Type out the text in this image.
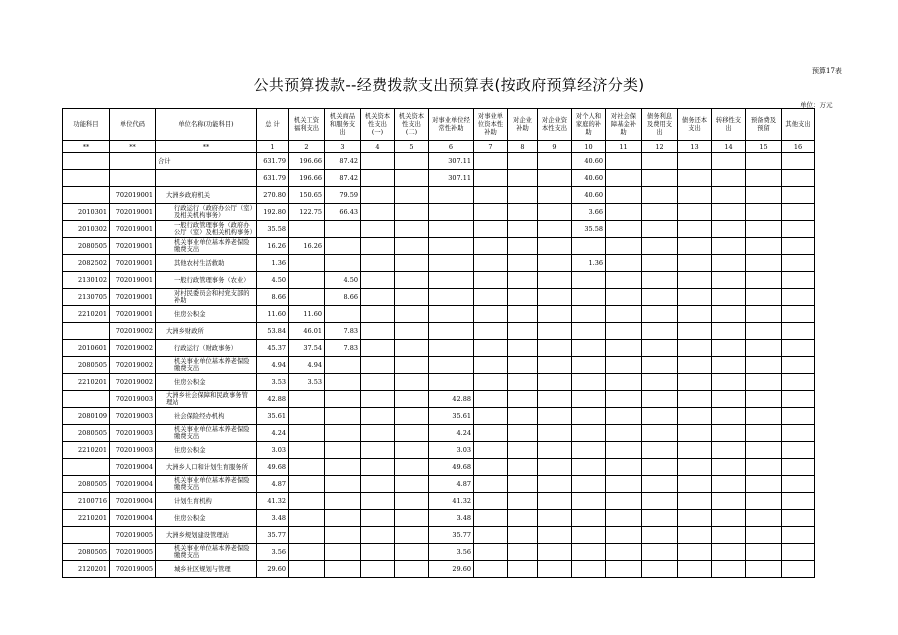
预算17表
公共预算拨款--经费拨款支出预算表(按政府预算经济分类)
单位：万元
功能科目	单位代码	单位名称(功能科目)	总 计	机关工资福利支出	机关商品和服务支出	机关资本性支出(一)	机关资本性支出(二)	对事业单位经常性补助	对事业单位资本性补助	对企业补助	对企业资本性支出	对个人和家庭的补助	对社会保障基金补助	债务利息及费用支出	债务还本支出	转移性支出	预备费及预留	其他支出
**	**	**	1	2	3	4	5	6	7	8	9	10	11	12	13	14	15	16
		合计	631.79	196.66	87.42			307.11				40.60						
			631.79	196.66	87.42			307.11				40.60						
	702019001	大洲乡政府机关	270.80	150.65	79.59							40.60						
2010301	702019001	行政运行（政府办公厅（室）及相关机构事务）	192.80	122.75	66.43							3.66						
2010302	702019001	一般行政管理事务（政府办公厅（室）及相关机构事务）	35.58									35.58						
2080505	702019001	机关事业单位基本养老保险缴费支出	16.26	16.26														
2082502	702019001	其他农村生活救助	1.36									1.36						
2130102	702019001	一般行政管理事务（农业）	4.50		4.50													
2130705	702019001	对村民委员会和村党支部的补助	8.66		8.66													
2210201	702019001	住房公积金	11.60	11.60														
	702019002	大洲乡财政所	53.84	46.01	7.83													
2010601	702019002	行政运行（财政事务）	45.37	37.54	7.83													
2080505	702019002	机关事业单位基本养老保险缴费支出	4.94	4.94														
2210201	702019002	住房公积金	3.53	3.53														
	702019003	大洲乡社会保障和民政事务管理站	42.88					42.88										
2080109	702019003	社会保险经办机构	35.61					35.61										
2080505	702019003	机关事业单位基本养老保险缴费支出	4.24					4.24										
2210201	702019003	住房公积金	3.03					3.03										
	702019004	大洲乡人口和计划生育服务所	49.68					49.68										
2080505	702019004	机关事业单位基本养老保险缴费支出	4.87					4.87										
2100716	702019004	计划生育机构	41.32					41.32										
2210201	702019004	住房公积金	3.48					3.48										
	702019005	大洲乡规划建设管理站	35.77					35.77										
2080505	702019005	机关事业单位基本养老保险缴费支出	3.56					3.56										
2120201	702019005	城乡社区规划与管理	29.60					29.60										
